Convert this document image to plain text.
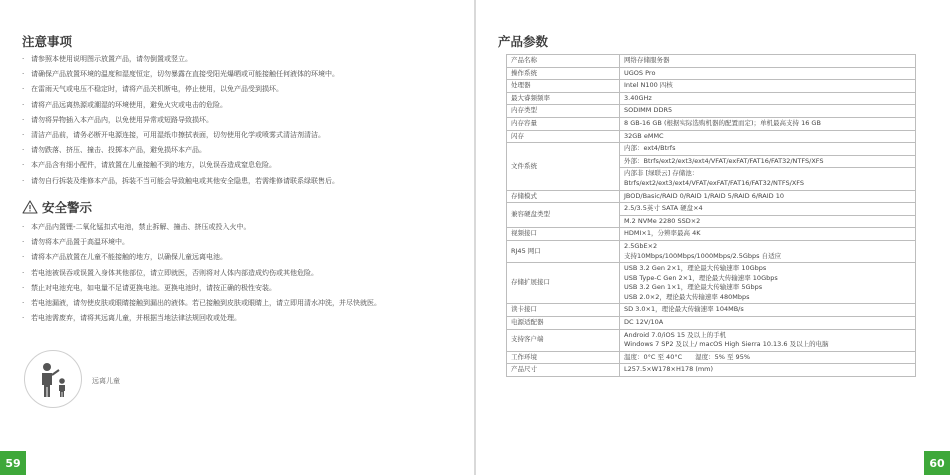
注意事项
· 请参照本使用说明图示放置产品，请勿倒置或竖立。
· 请确保产品放置环境的温度和湿度恒定，切勿暴露在直接受阳光爆晒或可能接触任何液体的环境中。
· 在雷雨天气或电压不稳定时，请将产品关机断电，停止使用，以免产品受到损坏。
· 请将产品远离热源或潮湿的环境使用，避免火灾或电击的危险。
· 请勿将异物插入本产品内，以免使用异常或短路导致损坏。
· 清洁产品前，请务必断开电源连接，可用湿纸巾擦拭表面，切勿使用化学或喷雾式清洁剂清洁。
· 请勿跌落、挤压、撞击、投掷本产品，避免损坏本产品。
· 本产品含有细小配件，请放置在儿童接触不到的地方，以免误吞造成窒息危险。
· 请勿自行拆装及维修本产品，拆装不当可能会导致触电或其他安全隐患，若需维修请联系绿联售后。
安全警示
· 本产品内置锂-二氧化锰扣式电池，禁止拆解、撞击、挤压或投入火中。
· 请勿将本产品置于高温环境中。
· 请将本产品放置在儿童不能接触的地方，以确保儿童远离电池。
· 若电池被误吞或误置入身体其他部位，请立即就医，否则将对人体内部造成灼伤或其他危险。
· 禁止对电池充电，如电量不足请更换电池。更换电池时，请按正确的极性安装。
· 若电池漏液，请勿使皮肤或眼睛接触到漏出的液体。若已接触到皮肤或眼睛上，请立即用清水冲洗，并尽快就医。
· 若电池需废弃，请将其远离儿童，并根据当地法律法规回收或处理。
远离儿童
59
产品参数
产品名称	网络存储服务器

操作系统	UGOS Pro

处理器	Intel N100 四核

最大睿频频率	3.40GHz

内存类型	SODIMM DDR5

内存容量	8 GB-16 GB (根据实际选购机器的配置而定)；单机最高支持 16 GB

闪存	32GB eMMC

文件系统	内部：ext4/Btrfs

	外部：Btrfs/ext2/ext3/ext4/VFAT/exFAT/FAT16/FAT32/NTFS/XFS

	内部非 [绿联云] 存储池：
Btrfs/ext2/ext3/ext4/VFAT/exFAT/FAT16/FAT32/NTFS/XFS

存储模式	JBOD/Basic/RAID 0/RAID 1/RAID 5/RAID 6/RAID 10

兼容硬盘类型	2.5/3.5英寸 SATA 硬盘×4

	M.2 NVMe 2280 SSD×2

视频接口	HDMI×1，分辨率最高 4K

RJ45 网口	2.5GbE×2
支持10Mbps/100Mbps/1000Mbps/2.5Gbps 自适应

存储扩展接口	USB 3.2 Gen 2×1，理论最大传输速率 10Gbps
USB Type-C Gen 2×1，理论最大传输速率 10Gbps
USB 3.2 Gen 1×1，理论最大传输速率 5Gbps
USB 2.0×2，理论最大传输速率 480Mbps

读卡接口	SD 3.0×1，理论最大传输速率 104MB/s

电源适配器	DC 12V/10A

支持客户端	Android 7.0/iOS 15 及以上的手机
Windows 7 SP2 及以上/ macOS High Sierra 10.13.6 及以上的电脑

工作环境	温度：0°C 至 40°C　　湿度：5% 至 95%

产品尺寸	L257.5×W178×H178 (mm)
60
